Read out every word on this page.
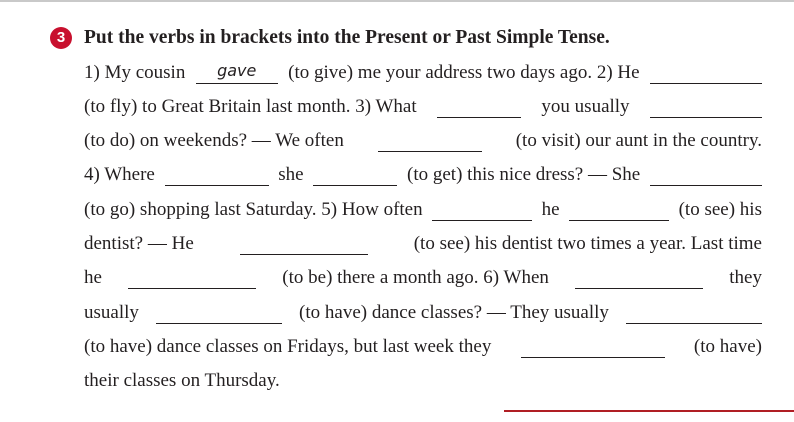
3 Put the verbs in brackets into the Present or Past Simple Tense.
1) My cousin	gave	(to give) me your address two days ago. 2) He
(to fly) to Great Britain last month. 3) What	you usually
(to do) on weekends? — We often	(to visit) our aunt in the country.
4) Where	she	(to get) this nice dress? — She
(to go) shopping last Saturday. 5) How often	he	(to see) his
dentist? — He	(to see) his dentist two times a year. Last time
he	(to be) there a month ago. 6) When	they
usually	(to have) dance classes? — They usually
(to have) dance classes on Fridays, but last week they	(to have)
their classes on Thursday.
